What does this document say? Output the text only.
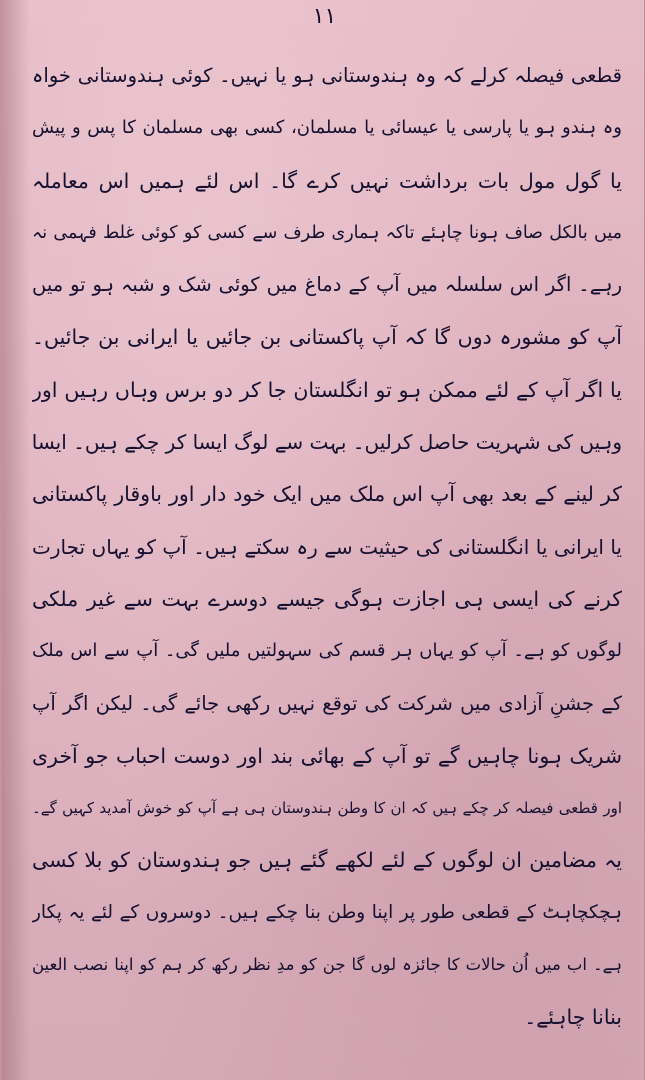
۱۱
قطعی فیصلہ کرلے کہ وہ ہندوستانی ہو یا نہیں۔ کوئی ہندوستانی خواہ
وہ ہندو ہو یا پارسی یا عیسائی یا مسلمان، کسی بھی مسلمان کا پس و پیش
یا گول مول بات برداشت نہیں کرے گا۔ اس لئے ہمیں اس معاملہ
میں بالکل صاف ہونا چاہئے تاکہ ہماری طرف سے کسی کو کوئی غلط فہمی نہ
رہے۔ اگر اس سلسلہ میں آپ کے دماغ میں کوئی شک و شبہ ہو تو میں
آپ کو مشورہ دوں گا کہ آپ پاکستانی بن جائیں یا ایرانی بن جائیں۔
یا اگر آپ کے لئے ممکن ہو تو انگلستان جا کر دو برس وہاں رہیں اور
وہیں کی شہریت حاصل کرلیں۔ بہت سے لوگ ایسا کر چکے ہیں۔ ایسا
کر لینے کے بعد بھی آپ اس ملک میں ایک خود دار اور باوقار پاکستانی
یا ایرانی یا انگلستانی کی حیثیت سے رہ سکتے ہیں۔ آپ کو یہاں تجارت
کرنے کی ایسی ہی اجازت ہوگی جیسے دوسرے بہت سے غیر ملکی
لوگوں کو ہے۔ آپ کو یہاں ہر قسم کی سہولتیں ملیں گی۔ آپ سے اس ملک
کے جشنِ آزادی میں شرکت کی توقع نہیں رکھی جائے گی۔ لیکن اگر آپ
شریک ہونا چاہیں گے تو آپ کے بھائی بند اور دوست احباب جو آخری
اور قطعی فیصلہ کر چکے ہیں کہ ان کا وطن ہندوستان ہی ہے آپ کو خوش آمدید کہیں گے۔
یہ مضامین ان لوگوں کے لئے لکھے گئے ہیں جو ہندوستان کو بلا کسی
ہچکچاہٹ کے قطعی طور پر اپنا وطن بنا چکے ہیں۔ دوسروں کے لئے یہ پکار
ہے۔ اب میں اُن حالات کا جائزہ لوں گا جن کو مدِ نظر رکھ کر ہم کو اپنا نصب العین
بنانا چاہئے۔
